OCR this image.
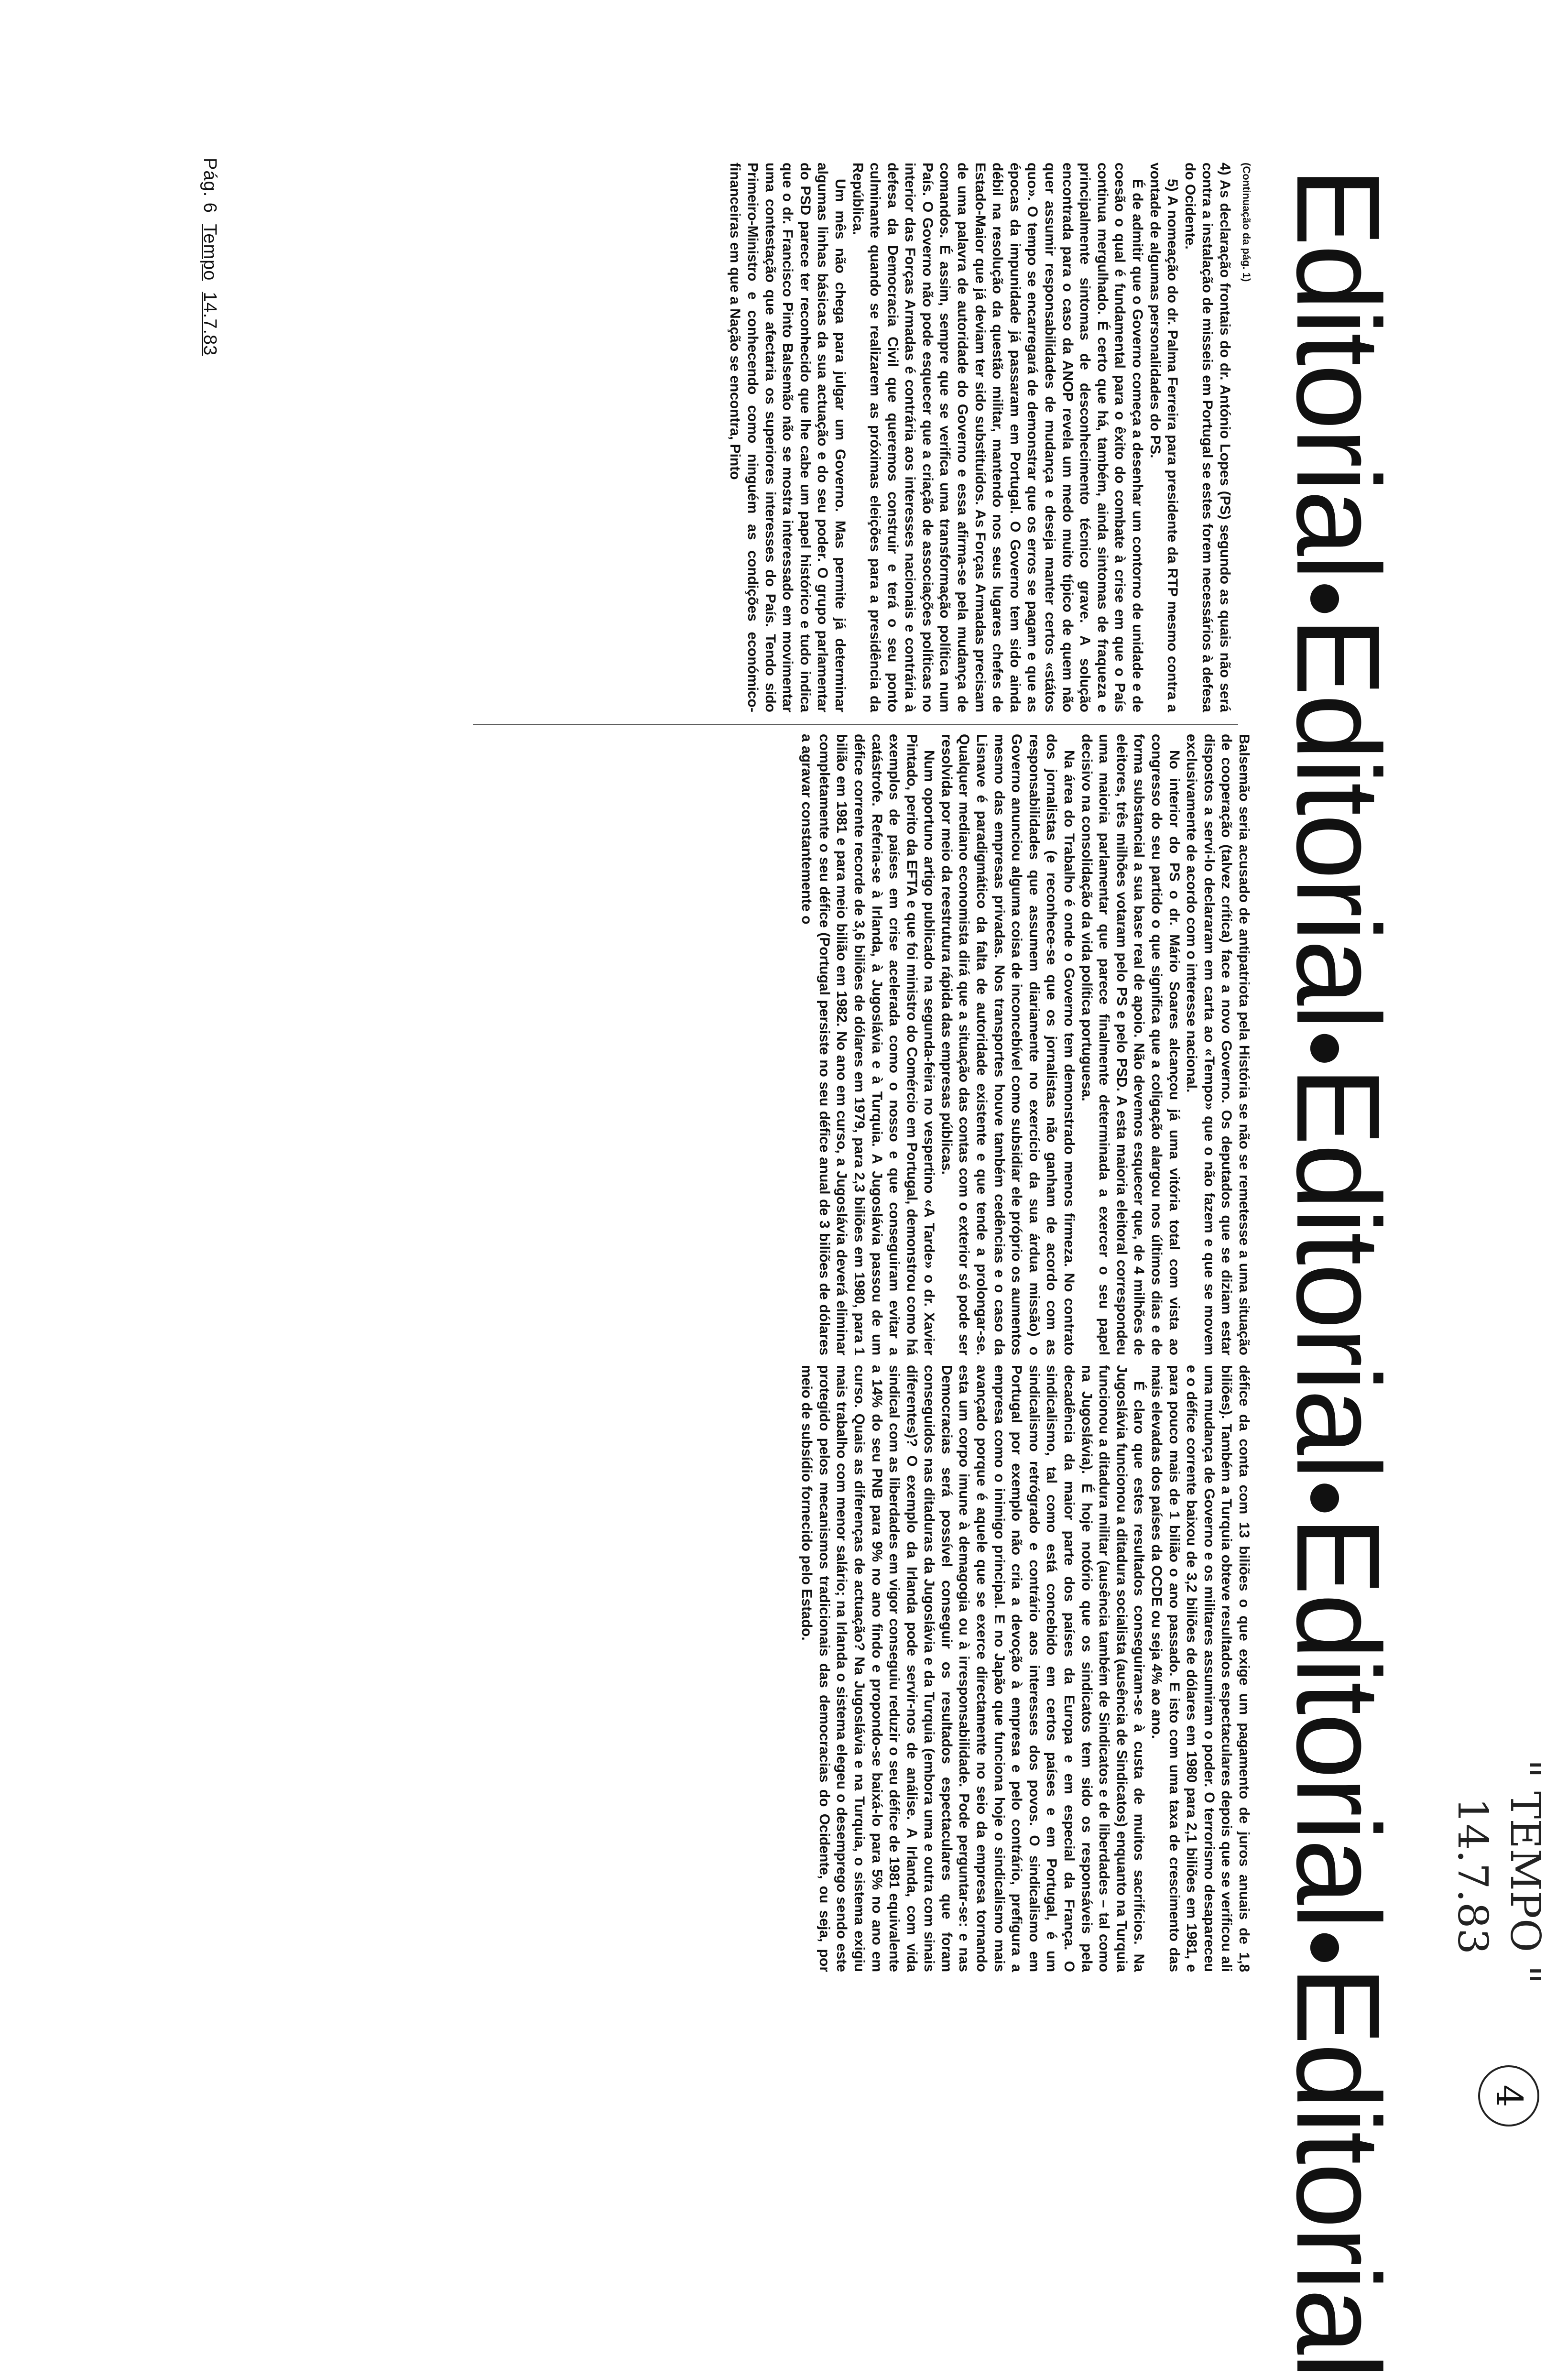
Pág. 6  Tempo  14.7.83	Editorial●Editorial●Editorial●Editorial●Editorial
(Continuação da pág. 1)

4) As declaração frontais do dr. António Lopes (PS) segundo as quais não será contra a instalação de misseis em Portugal se estes forem necessários à defesa do Ocidente.

5) A nomeação do dr. Palma Ferreira para presidente da RTP mesmo contra a vontade de algumas personalidades do PS.

É de admitir que o Governo começa a desenhar um contorno de unidade e de coesão o qual é fundamental para o êxito do combate à crise em que o País continua mergulhado. É certo que há, também, ainda sintomas de fraqueza e principalmente sintomas de desconhecimento técnico grave. A solução encontrada para o caso da ANOP revela um medo muito típico de quem não quer assumir responsabilidades de mudança e deseja manter certos «státos quo». O tempo se encarregará de demonstrar que os erros se pagam e que as épocas da impunidade já passaram em Portugal. O Governo tem sido ainda débil na resolução da questão militar, mantendo nos seus lugares chefes de Estado-Maior que já deviam ter sido substituídos. As Forças Armadas precisam de uma palavra de autoridade do Governo e essa afirma-se pela mudança de comandos. É assim, sempre que se verifica uma transformação política num País. O Governo não pode esquecer que a criação de associações políticas no interior das Forças Armadas é contrária aos interesses nacionais e contrária à defesa da Democracia Civil que queremos construir e terá o seu ponto culminante quando se realizarem as próximas eleições para a presidência da República.

Um mês não chega para julgar um Governo. Mas permite já determinar algumas linhas básicas da sua actuação e do seu poder. O grupo parlamentar do PSD parece ter reconhecido que lhe cabe um papel histórico e tudo indica que o dr. Francisco Pinto Balsemão não se mostra interessado em movimentar uma contestação que afectaria os superiores interesses do País. Tendo sido Primeiro-Ministro e conhecendo como ninguém as condições económico-financeiras em que a Nação se encontra, Pinto

Balsemão seria acusado de antipatriota pela História se não se remetesse a uma situação de cooperação (talvez crítica) face a novo Governo. Os deputados que se diziam estar dispostos a servi-lo declararam em carta ao «Tempo» que o não fazem e que se movem exclusivamente de acordo com o interesse nacional.

No interior do PS o dr. Mário Soares alcançou já uma vitória total com vista ao congresso do seu partido o que significa que a coligação alargou nos últimos dias e de forma substancial a sua base real de apoio. Não devemos esquecer que, de 4 milhões de eleitores, três milhões votaram pelo PS e pelo PSD. A esta maioria eleitoral correspondeu uma maioria parlamentar que parece finalmente determinada a exercer o seu papel decisivo na consolidação da vida política portuguesa.

Na área do Trabalho é onde o Governo tem demonstrado menos firmeza. No contrato dos jornalistas (e reconhece-se que os jornalistas não ganham de acordo com as responsabilidades que assumem diariamente no exercício da sua árdua missão) o Governo anunciou alguma coisa de inconcebível como subsidiar ele próprio os aumentos mesmo das empresas privadas. Nos transportes houve também cedências e o caso da Lisnave é paradigmático da falta de autoridade existente e que tende a prolongar-se. Qualquer mediano economista dirá que a situação das contas com o exterior só pode ser resolvida por meio da reestrutura rápida das empresas públicas.

Num oportuno artigo publicado na segunda-feira no vespertino «A Tarde» o dr. Xavier Pintado, perito da EFTA e que foi ministro do Comércio em Portugal, demonstrou como há exemplos de países em crise acelerada como o nosso e que conseguiram evitar a catástrofe. Referia-se à Irlanda, à Jugoslávia e à Turquia. A Jugoslávia passou de um défice corrente recorde de 3,6 biliões de dólares em 1979, para 2,3 biliões em 1980, para 1 bilião em 1981 e para meio bilião em 1982. No ano em curso, a Jugoslávia deverá eliminar completamente o seu défice (Portugal persiste no seu défice anual de 3 biliões de dólares a agravar constantemente o

défice da conta com 13 biliões o que exige um pagamento de juros anuais de 1,8 biliões). Também a Turquia obteve resultados espectaculares depois que se verificou ali uma mudança de Governo e os militares assumiram o poder. O terrorismo desapareceu e o défice corrente baixou de 3,2 biliões de dólares em 1980 para 2,1 biliões em 1981, e para pouco mais de 1 bilião o ano passado. E isto com uma taxa de crescimento das mais elevadas dos países da OCDE ou seja 4% ao ano.

É claro que estes resultados conseguiram-se à custa de muitos sacrifícios. Na Jugoslávia funcionou a ditadura socialista (ausência de Sindicatos) enquanto na Turquia funcionou a ditadura militar (ausência também de Sindicatos e de liberdades – tal como na Jugoslávia). É hoje notório que os sindicatos tem sido os responsáveis pela decadência da maior parte dos países da Europa e em especial da França. O sindicalismo, tal como está concebido em certos países e em Portugal, é um sindicalismo retrógrado e contrário aos interesses dos povos. O sindicalismo em Portugal por exemplo não cria a devoção à empresa e pelo contrário, prefigura a empresa como o inimigo principal. E no Japão que funciona hoje o sindicalismo mais avançado porque é aquele que se exerce directamente no seio da empresa tornando esta um corpo imune à demagogia ou à irresponsabilidade. Pode perguntar-se: e nas Democracias será possível conseguir os resultados espectaculares que foram conseguidos nas ditaduras da Jugoslávia e da Turquia (embora uma e outra com sinais diferentes)? O exemplo da Irlanda pode servir-nos de análise. A Irlanda, com vida sindical com as liberdades em vigor conseguiu reduzir o seu défice de 1981 equivalente a 14% do seu PNB para 9% no ano findo e propondo-se baixá-lo para 5% no ano em curso. Quais as diferenças de actuação? Na Jugoslávia e na Turquia, o sistema exigiu mais trabalho com menor salário; na Irlanda o sistema elegeu o desemprego sendo este protegido pelos mecanismos tradicionais das democracias do Ocidente, ou seja, por meio de subsídio fornecido pelo Estado.

" TEMPO "
14.7.83
4
